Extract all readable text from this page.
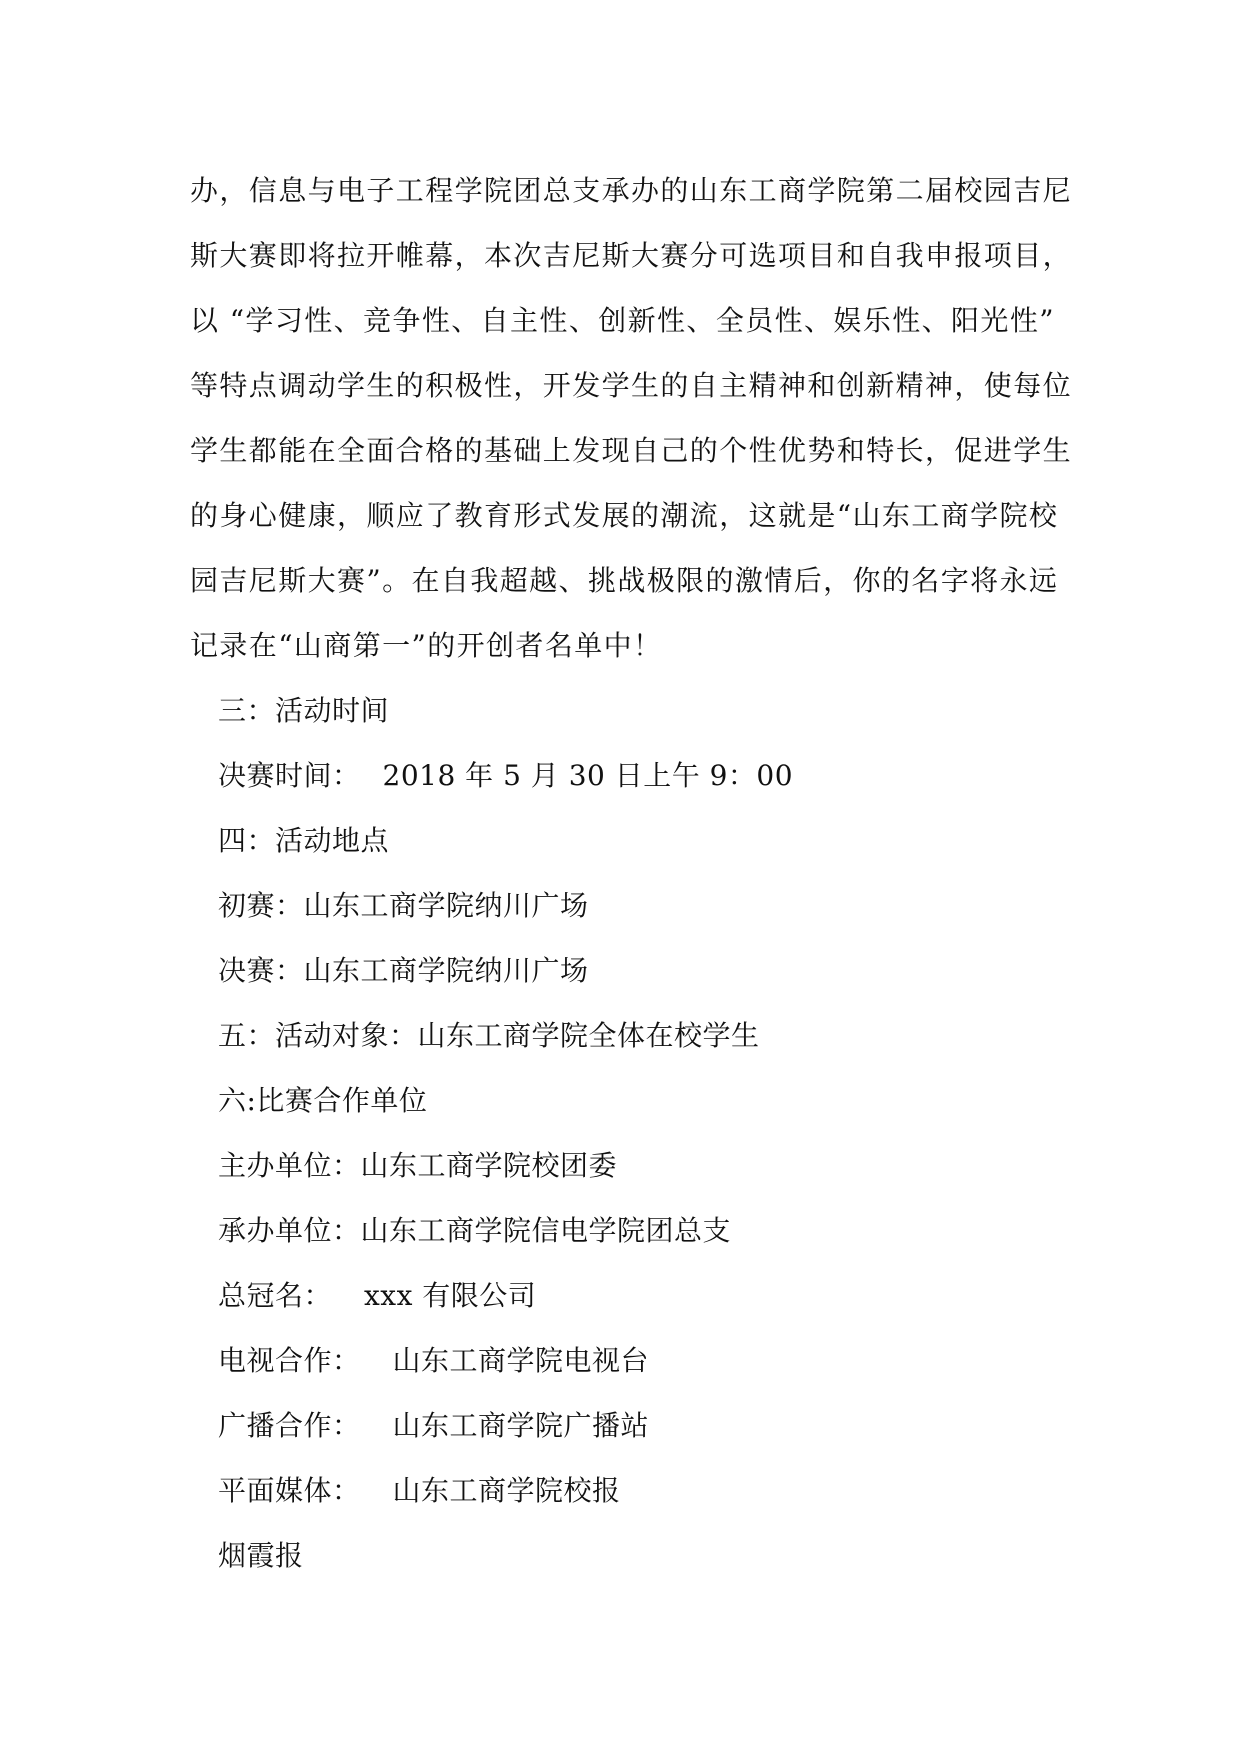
办，信息与电子工程学院团总支承办的山东工商学院第二届校园吉尼
斯大赛即将拉开帷幕，本次吉尼斯大赛分可选项目和自我申报项目，
以 “学习性、竞争性、自主性、创新性、全员性、娱乐性、阳光性”
等特点调动学生的积极性，开发学生的自主精神和创新精神，使每位
学生都能在全面合格的基础上发现自己的个性优势和特长，促进学生
的身心健康，顺应了教育形式发展的潮流，这就是“山东工商学院校
园吉尼斯大赛”。在自我超越、挑战极限的激情后，你的名字将永远
记录在“山商第一”的开创者名单中！
三：活动时间
决赛时间： 2018 年 5 月 30 日上午 9：00
四：活动地点
初赛：山东工商学院纳川广场
决赛：山东工商学院纳川广场
五：活动对象：山东工商学院全体在校学生
六:比赛合作单位
主办单位：山东工商学院校团委
承办单位：山东工商学院信电学院团总支
总冠名： xxx 有限公司
电视合作： 山东工商学院电视台
广播合作： 山东工商学院广播站
平面媒体： 山东工商学院校报
烟霞报
